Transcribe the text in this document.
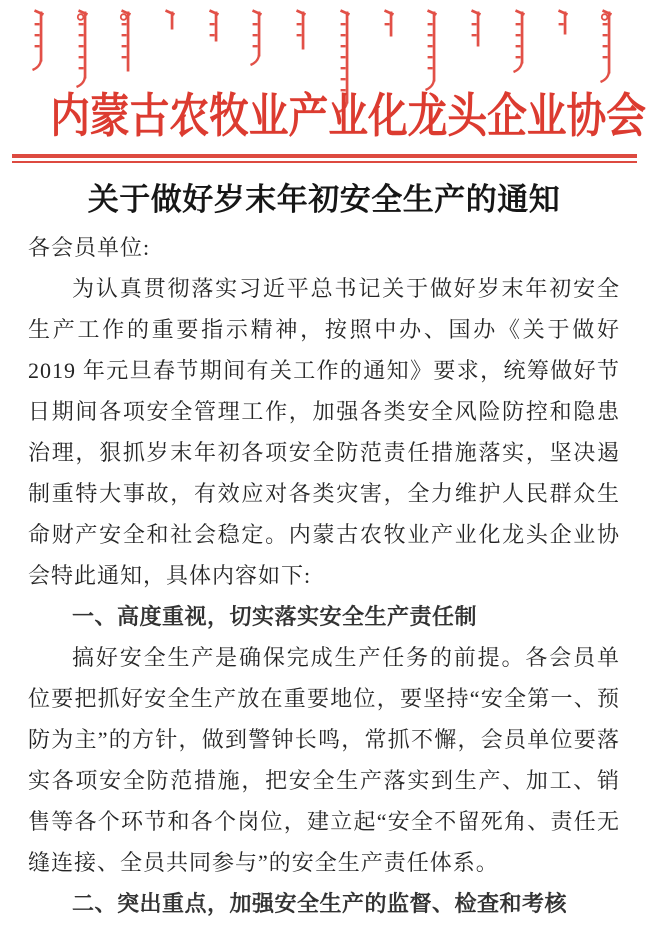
内蒙古农牧业产业化龙头企业协会
关于做好岁末年初安全生产的通知

各会员单位:

为认真贯彻落实习近平总书记关于做好岁末年初安全生产工作的重要指示精神，按照中办、国办《关于做好 2019 年元旦春节期间有关工作的通知》要求，统筹做好节日期间各项安全管理工作，加强各类安全风险防控和隐患治理，狠抓岁末年初各项安全防范责任措施落实，坚决遏制重特大事故，有效应对各类灾害，全力维护人民群众生命财产安全和社会稳定。内蒙古农牧业产业化龙头企业协会特此通知，具体内容如下:

一、高度重视，切实落实安全生产责任制

搞好安全生产是确保完成生产任务的前提。各会员单位要把抓好安全生产放在重要地位，要坚持“安全第一、预防为主”的方针，做到警钟长鸣，常抓不懈，会员单位要落实各项安全防范措施，把安全生产落实到生产、加工、销售等各个环节和各个岗位，建立起“安全不留死角、责任无缝连接、全员共同参与”的安全生产责任体系。

二、突出重点，加强安全生产的监督、检查和考核
